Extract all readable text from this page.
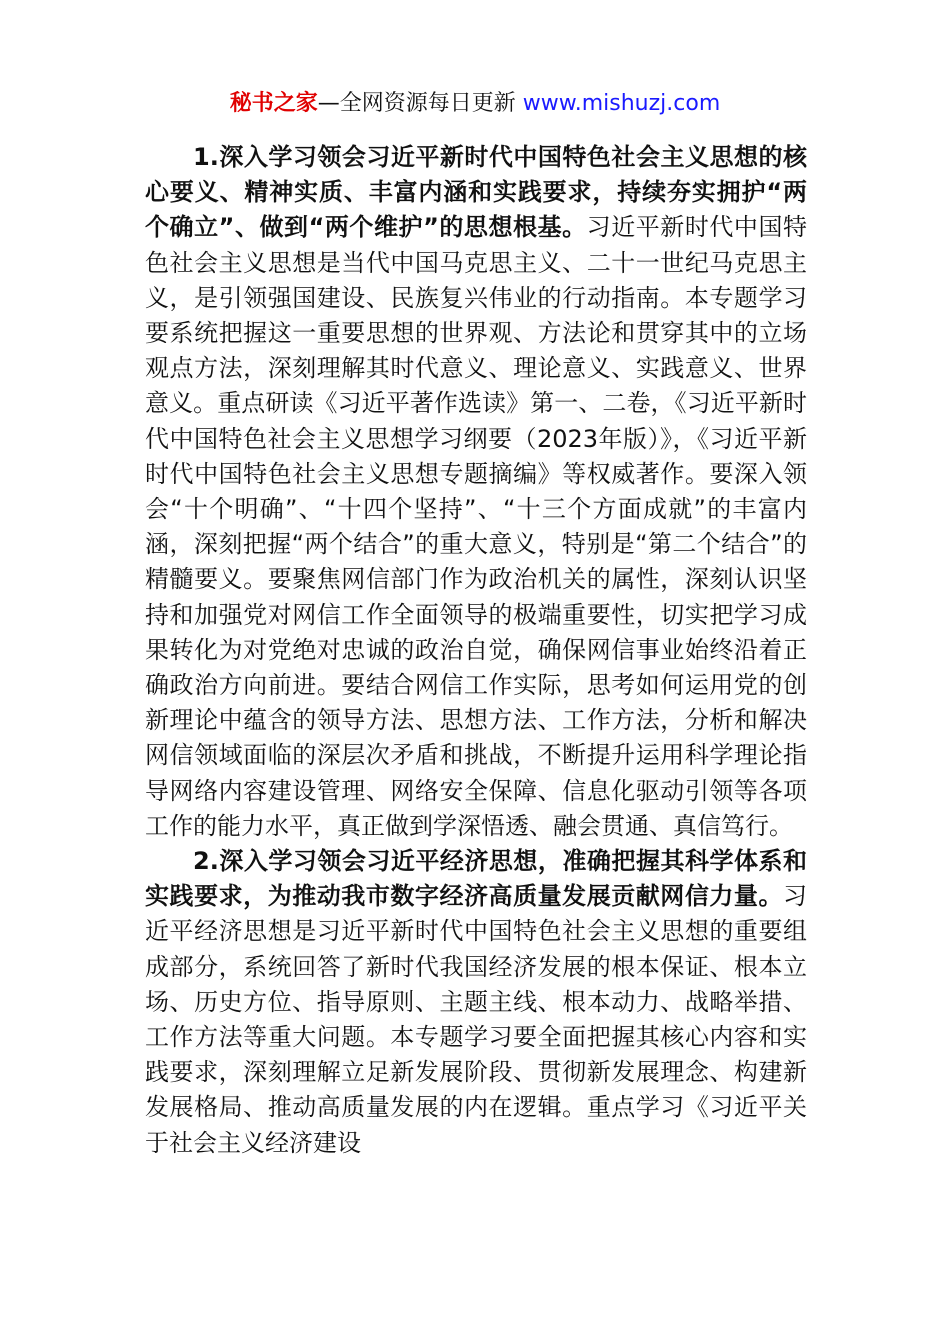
秘书之家—全网资源每日更新 www.mishuzj.com

1.深入学习领会习近平新时代中国特色社会主义思想的核心要义、精神实质、丰富内涵和实践要求，持续夯实拥护“两个确立”、做到“两个维护”的思想根基。习近平新时代中国特色社会主义思想是当代中国马克思主义、二十一世纪马克思主义，是引领强国建设、民族复兴伟业的行动指南。本专题学习要系统把握这一重要思想的世界观、方法论和贯穿其中的立场观点方法，深刻理解其时代意义、理论意义、实践意义、世界意义。重点研读《习近平著作选读》第一、二卷，《习近平新时代中国特色社会主义思想学习纲要（2023年版）》，《习近平新时代中国特色社会主义思想专题摘编》等权威著作。要深入领会“十个明确”、“十四个坚持”、“十三个方面成就”的丰富内涵，深刻把握“两个结合”的重大意义，特别是“第二个结合”的精髓要义。要聚焦网信部门作为政治机关的属性，深刻认识坚持和加强党对网信工作全面领导的极端重要性，切实把学习成果转化为对党绝对忠诚的政治自觉，确保网信事业始终沿着正确政治方向前进。要结合网信工作实际，思考如何运用党的创新理论中蕴含的领导方法、思想方法、工作方法，分析和解决网信领域面临的深层次矛盾和挑战，不断提升运用科学理论指导网络内容建设管理、网络安全保障、信息化驱动引领等各项工作的能力水平，真正做到学深悟透、融会贯通、真信笃行。

2.深入学习领会习近平经济思想，准确把握其科学体系和实践要求，为推动我市数字经济高质量发展贡献网信力量。习近平经济思想是习近平新时代中国特色社会主义思想的重要组成部分，系统回答了新时代我国经济发展的根本保证、根本立场、历史方位、指导原则、主题主线、根本动力、战略举措、工作方法等重大问题。本专题学习要全面把握其核心内容和实践要求，深刻理解立足新发展阶段、贯彻新发展理念、构建新发展格局、推动高质量发展的内在逻辑。重点学习《习近平关于社会主义经济建设
